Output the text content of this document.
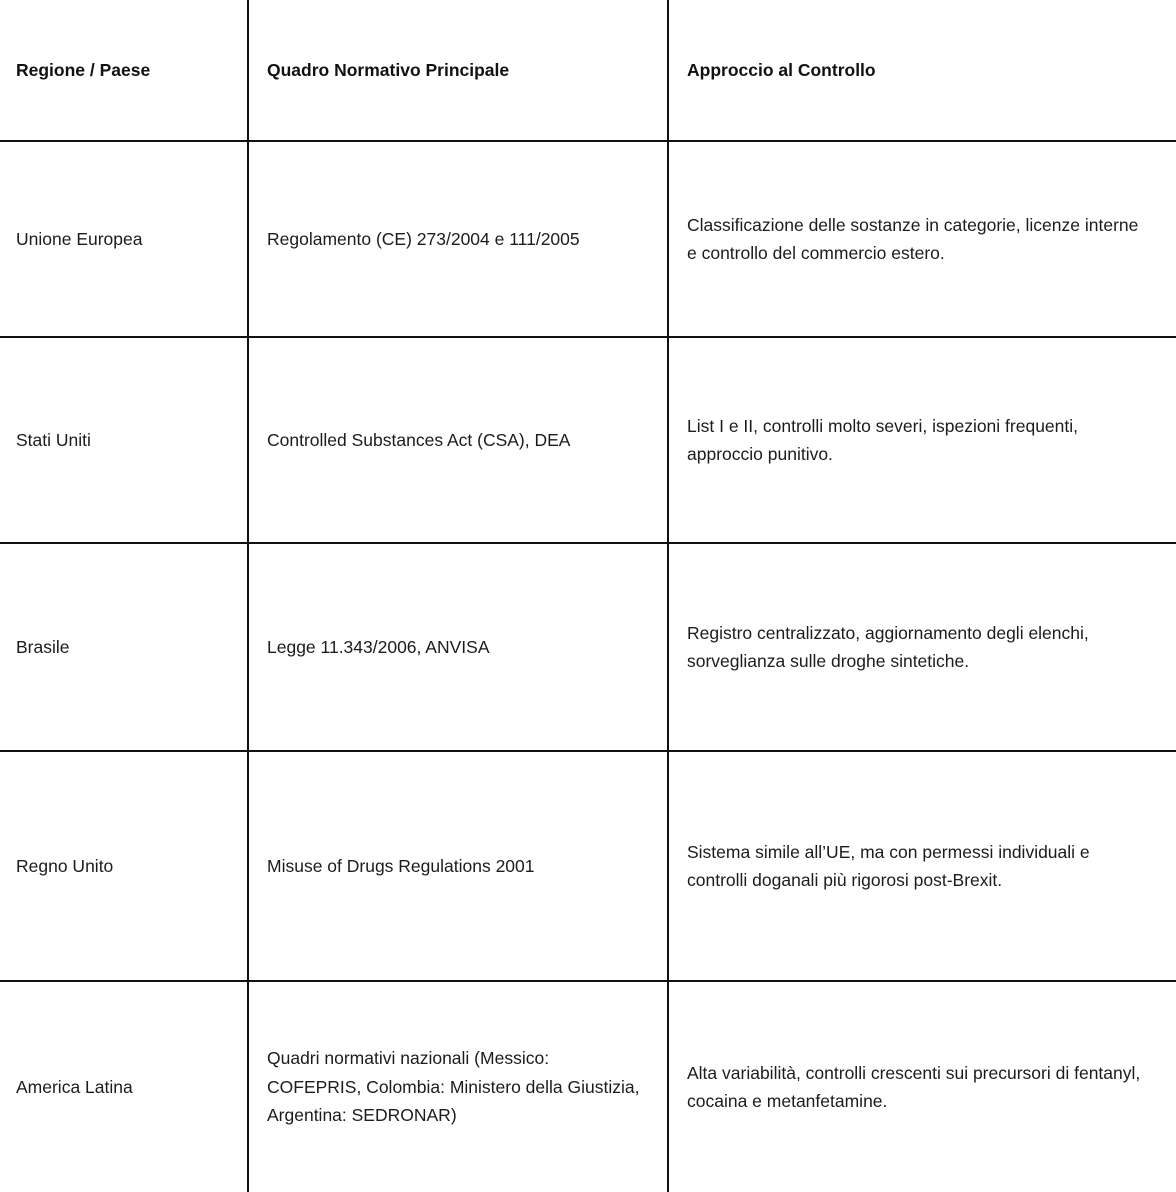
Regione / Paese	Quadro Normativo Principale	Approccio al Controllo
Unione Europea	Regolamento (CE) 273/2004 e 111/2005	Classificazione delle sostanze in categorie, licenze interne e controllo del commercio estero.
Stati Uniti	Controlled Substances Act (CSA), DEA	List I e II, controlli molto severi, ispezioni frequenti, approccio punitivo.
Brasile	Legge 11.343/2006, ANVISA	Registro centralizzato, aggiornamento degli elenchi, sorveglianza sulle droghe sintetiche.
Regno Unito	Misuse of Drugs Regulations 2001	Sistema simile all’UE, ma con permessi individuali e controlli doganali più rigorosi post-Brexit.
America Latina	Quadri normativi nazionali (Messico: COFEPRIS, Colombia: Ministero della Giustizia, Argentina: SEDRONAR)	Alta variabilità, controlli crescenti sui precursori di fentanyl, cocaina e metanfetamine.
